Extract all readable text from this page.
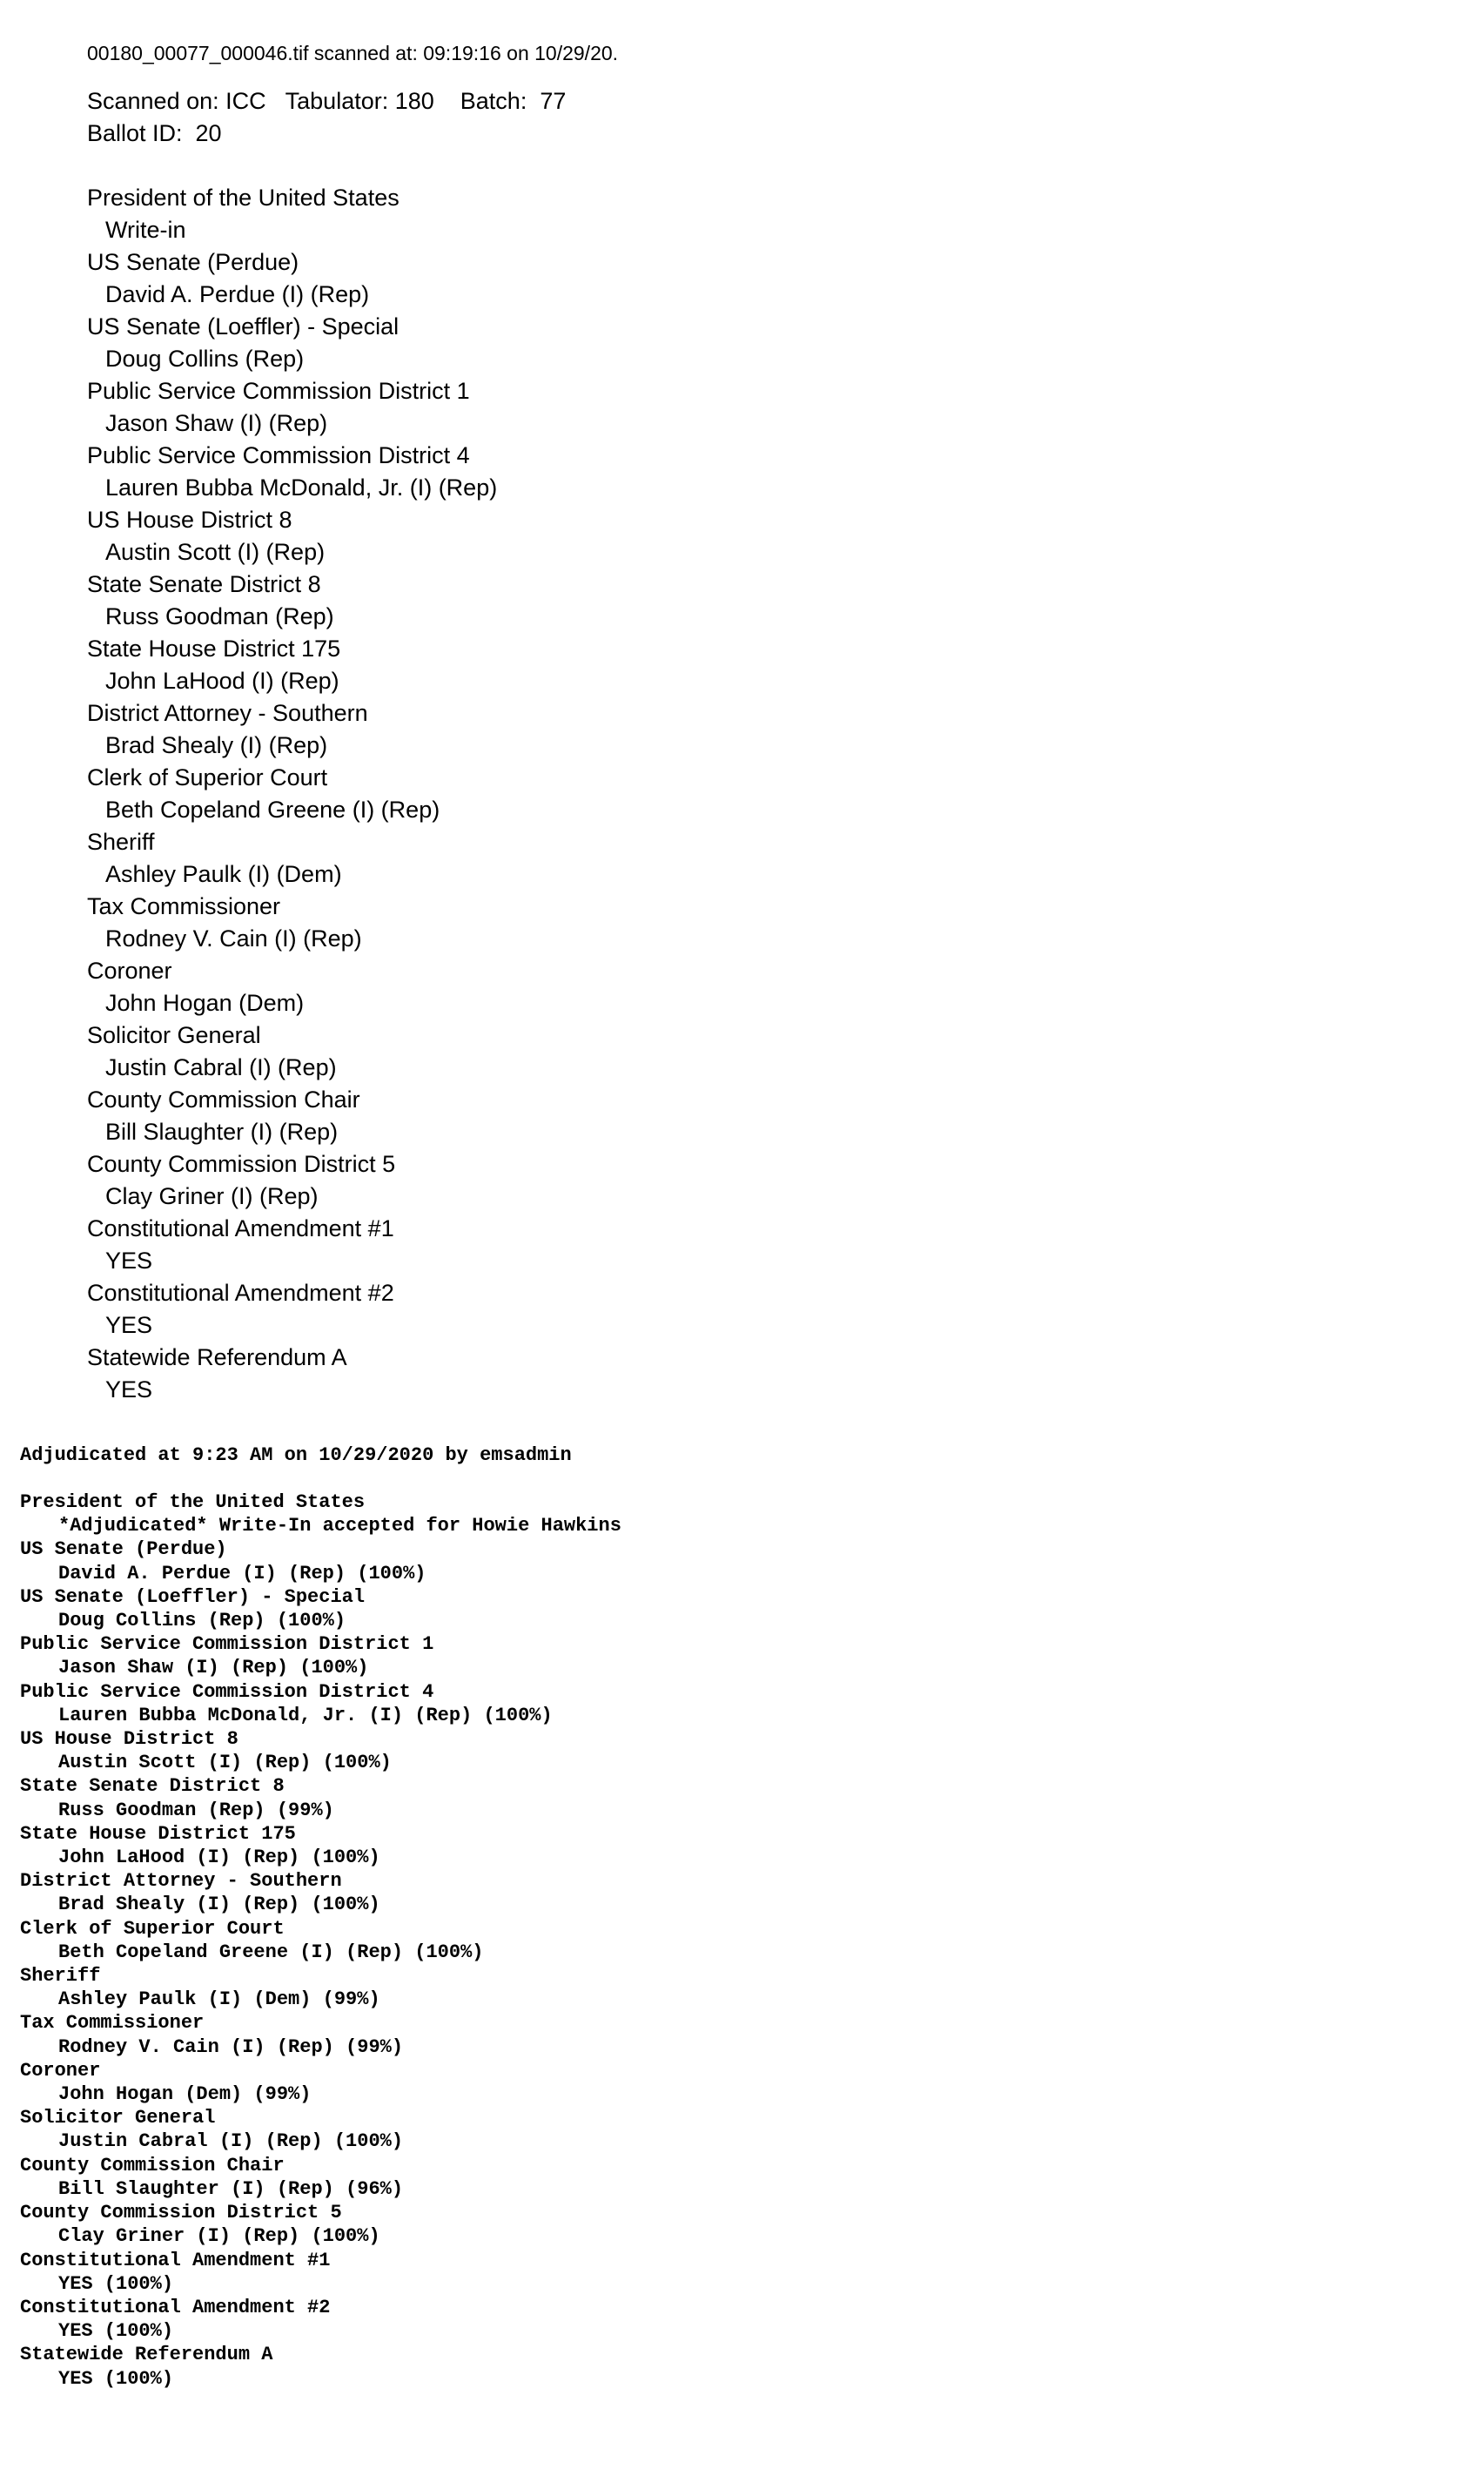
00180_00077_000046.tif scanned at: 09:19:16 on 10/29/20.
Scanned on: ICC   Tabulator: 180    Batch:  77
Ballot ID:  20
President of the United States
Write-in
US Senate (Perdue)
David A. Perdue (I) (Rep)
US Senate (Loeffler) - Special
Doug Collins (Rep)
Public Service Commission District 1
Jason Shaw (I) (Rep)
Public Service Commission District 4
Lauren Bubba McDonald, Jr. (I) (Rep)
US House District 8
Austin Scott (I) (Rep)
State Senate District 8
Russ Goodman (Rep)
State House District 175
John LaHood (I) (Rep)
District Attorney - Southern
Brad Shealy (I) (Rep)
Clerk of Superior Court
Beth Copeland Greene (I) (Rep)
Sheriff
Ashley Paulk (I) (Dem)
Tax Commissioner
Rodney V. Cain (I) (Rep)
Coroner
John Hogan (Dem)
Solicitor General
Justin Cabral (I) (Rep)
County Commission Chair
Bill Slaughter (I) (Rep)
County Commission District 5
Clay Griner (I) (Rep)
Constitutional Amendment #1
YES
Constitutional Amendment #2
YES
Statewide Referendum A
YES
Adjudicated at 9:23 AM on 10/29/2020 by emsadmin
President of the United States
*Adjudicated* Write-In accepted for Howie Hawkins
US Senate (Perdue)
David A. Perdue (I) (Rep) (100%)
US Senate (Loeffler) - Special
Doug Collins (Rep) (100%)
Public Service Commission District 1
Jason Shaw (I) (Rep) (100%)
Public Service Commission District 4
Lauren Bubba McDonald, Jr. (I) (Rep) (100%)
US House District 8
Austin Scott (I) (Rep) (100%)
State Senate District 8
Russ Goodman (Rep) (99%)
State House District 175
John LaHood (I) (Rep) (100%)
District Attorney - Southern
Brad Shealy (I) (Rep) (100%)
Clerk of Superior Court
Beth Copeland Greene (I) (Rep) (100%)
Sheriff
Ashley Paulk (I) (Dem) (99%)
Tax Commissioner
Rodney V. Cain (I) (Rep) (99%)
Coroner
John Hogan (Dem) (99%)
Solicitor General
Justin Cabral (I) (Rep) (100%)
County Commission Chair
Bill Slaughter (I) (Rep) (96%)
County Commission District 5
Clay Griner (I) (Rep) (100%)
Constitutional Amendment #1
YES (100%)
Constitutional Amendment #2
YES (100%)
Statewide Referendum A
YES (100%)
